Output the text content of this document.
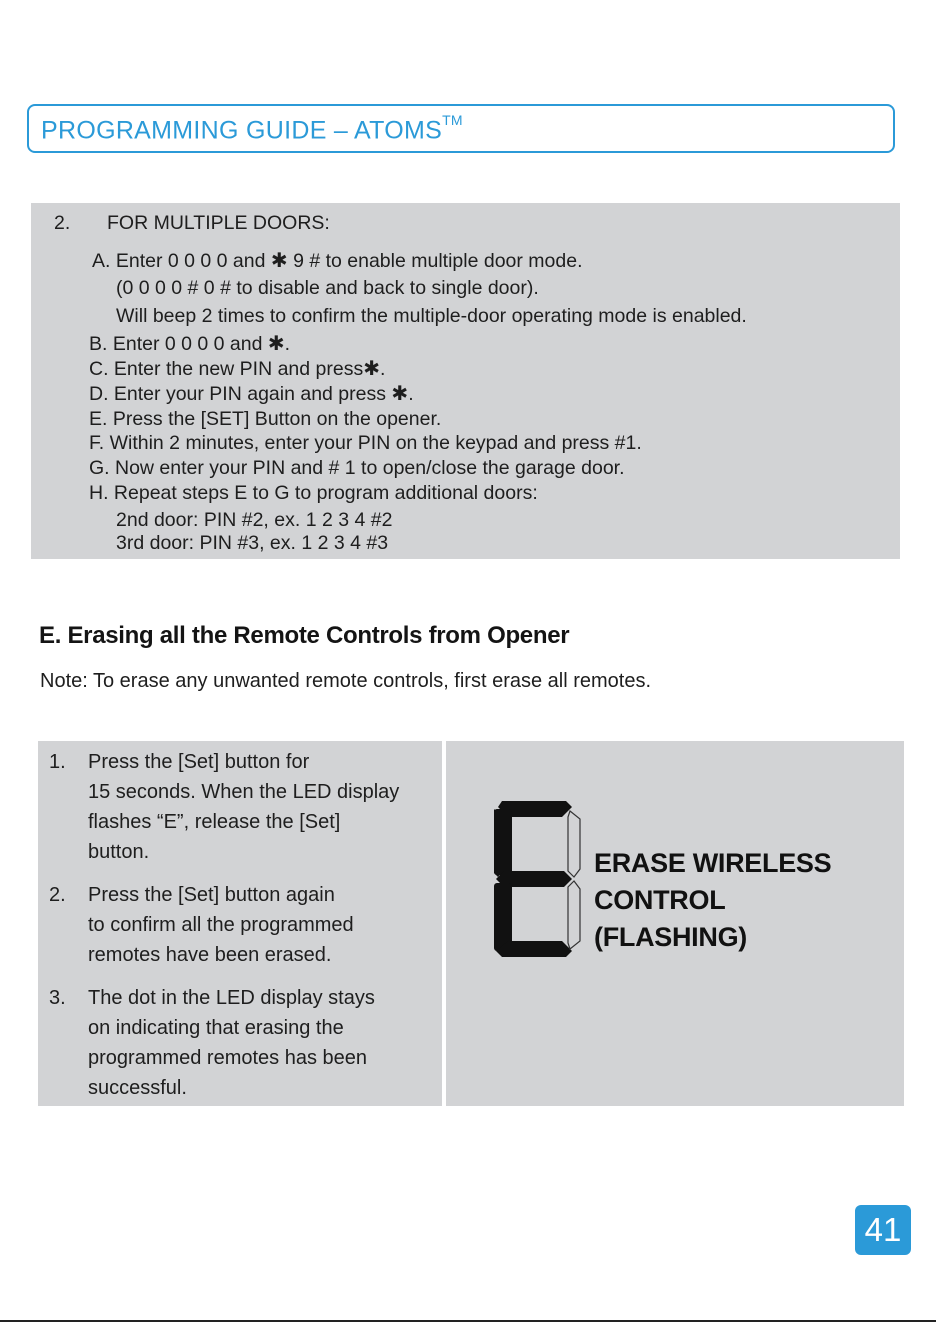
PROGRAMMING GUIDE – ATOMS™
2. FOR MULTIPLE DOORS:
A. Enter 0 0 0 0 and ✱ 9 # to enable multiple door mode.
(0 0 0 0 # 0 # to disable and back to single door).
Will beep 2 times to confirm the multiple-door operating mode is enabled.
B. Enter 0 0 0 0 and ✱.
C. Enter the new PIN and press✱.
D. Enter your PIN again and press ✱.
E. Press the [SET] Button on the opener.
F. Within 2 minutes, enter your PIN on the keypad and press #1.
G. Now enter your PIN and # 1 to open/close the garage door.
H. Repeat steps E to G to program additional doors:
2nd door: PIN #2, ex. 1 2 3 4 #2
3rd door: PIN #3, ex. 1 2 3 4 #3
E. Erasing all the Remote Controls from Opener
Note: To erase any unwanted remote controls, first erase all remotes.
1. Press the [Set] button for
15 seconds. When the LED display
flashes “E”, release the [Set]
button.
2. Press the [Set] button again
to confirm all the programmed
remotes have been erased.
3. The dot in the LED display stays
on indicating that erasing the
programmed remotes has been
successful.
ERASE WIRELESS
CONTROL
(FLASHING)
41
